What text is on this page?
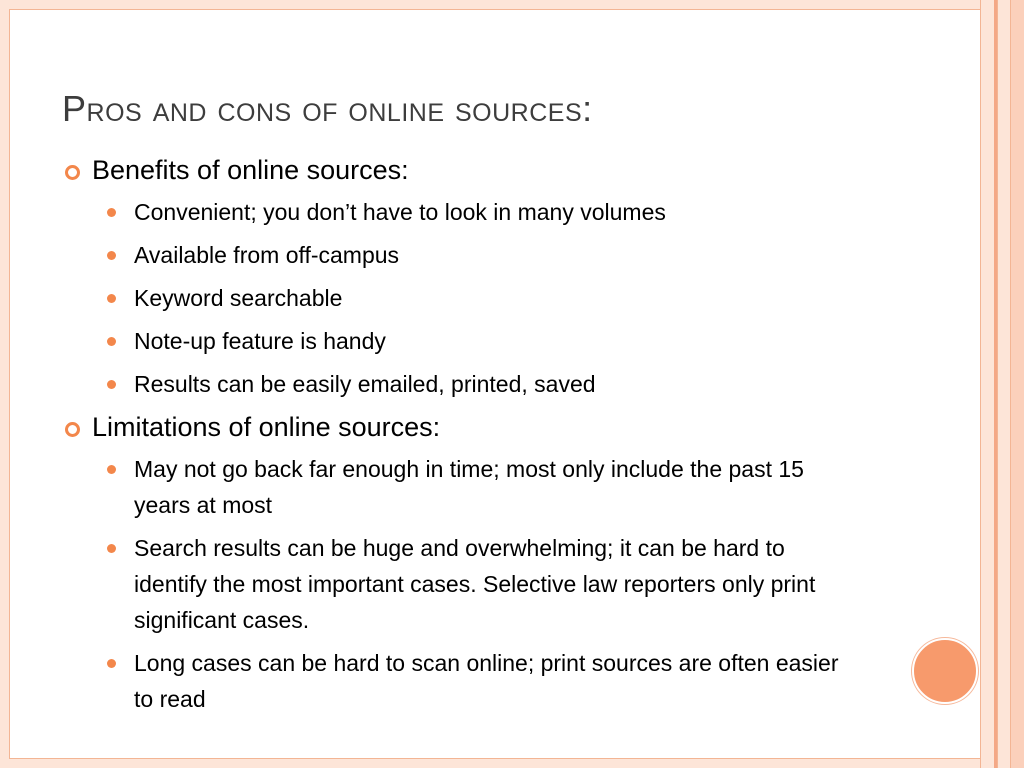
Pros and cons of online sources:
Benefits of online sources:
Convenient; you don’t have to look in many volumes
Available from off-campus
Keyword searchable
Note-up feature is handy
Results can be easily emailed, printed, saved
Limitations of online sources:
May not go back far enough in time; most only include the past 15 years at most
Search results can be huge and overwhelming; it can be hard to identify the most important cases. Selective law reporters only print significant cases.
Long cases can be hard to scan online; print sources are often easier to read
